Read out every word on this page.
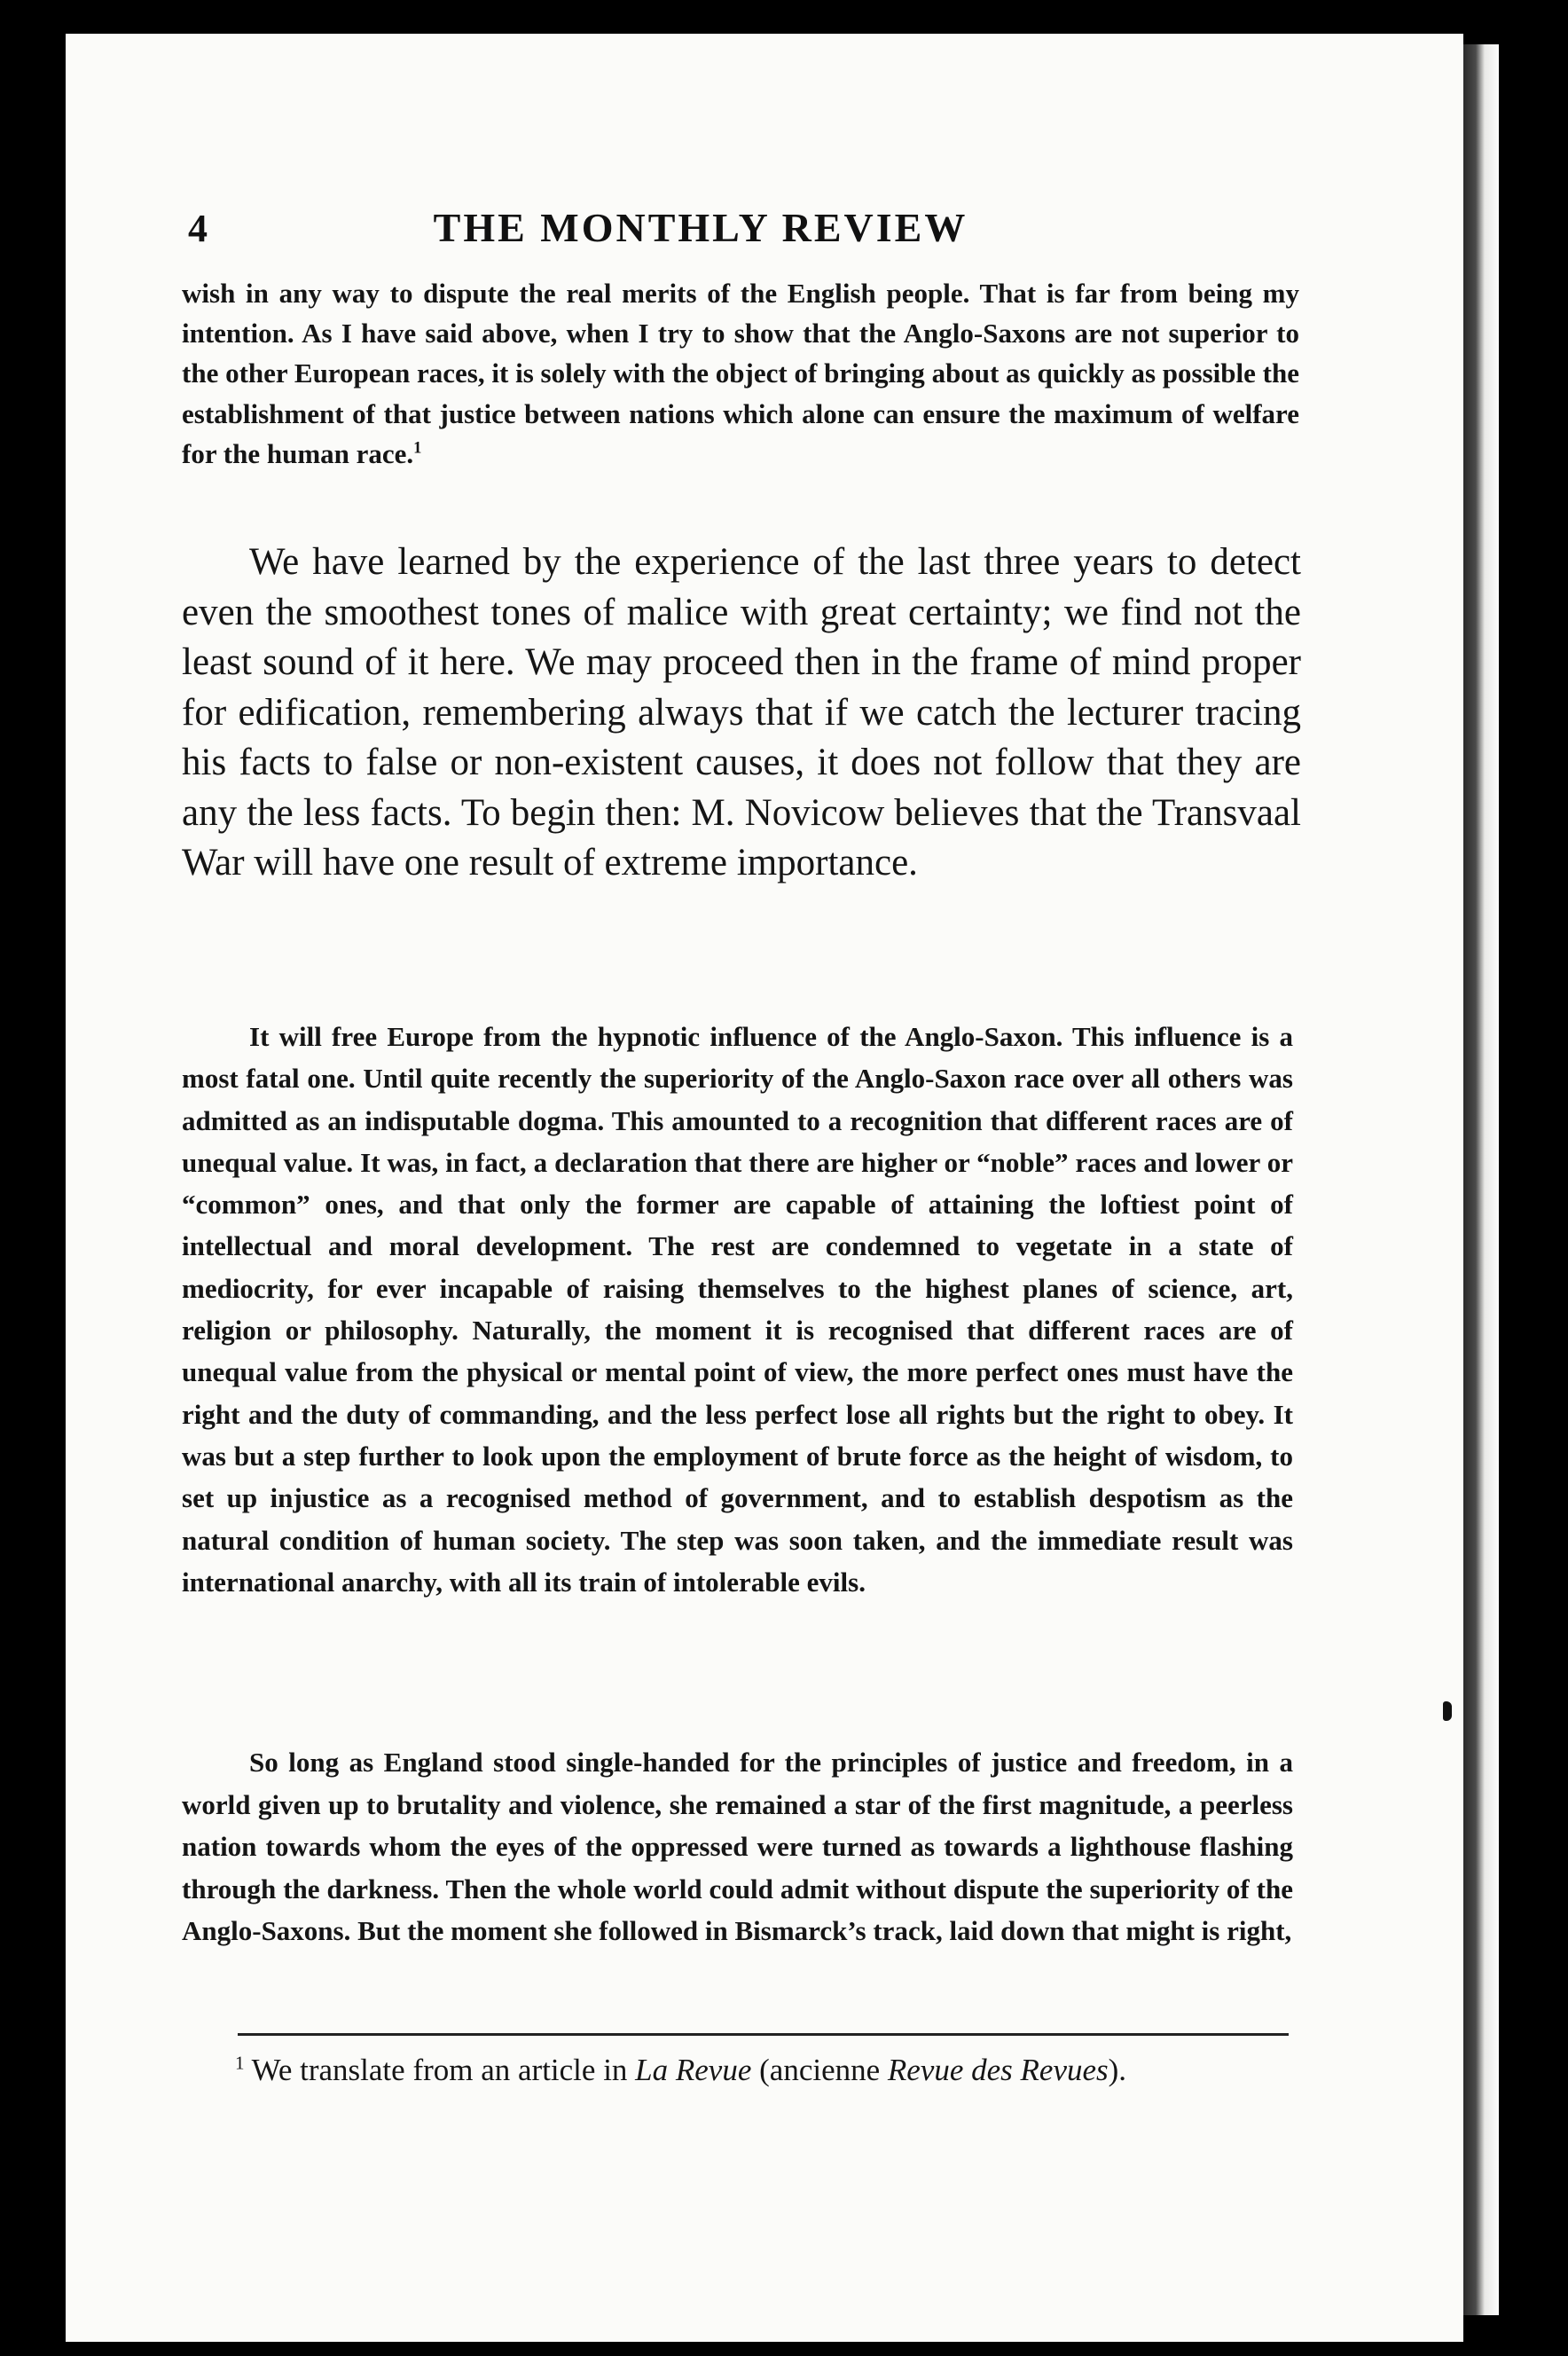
4	THE MONTHLY REVIEW

wish in any way to dispute the real merits of the English people. That is far from being my intention. As I have said above, when I try to show that the Anglo-Saxons are not superior to the other European races, it is solely with the object of bringing about as quickly as possible the establishment of that justice between nations which alone can ensure the maximum of welfare for the human race.$^1$

We have learned by the experience of the last three years to detect even the smoothest tones of malice with great certainty; we find not the least sound of it here. We may proceed then in the frame of mind proper for edification, remembering always that if we catch the lecturer tracing his facts to false or non-existent causes, it does not follow that they are any the less facts. To begin then: M. Novicow believes that the Transvaal War will have one result of extreme importance.

It will free Europe from the hypnotic influence of the Anglo-Saxon. This influence is a most fatal one. Until quite recently the superiority of the Anglo-Saxon race over all others was admitted as an indisputable dogma. This amounted to a recognition that different races are of unequal value. It was, in fact, a declaration that there are higher or “noble” races and lower or “common” ones, and that only the former are capable of attaining the loftiest point of intellectual and moral development. The rest are condemned to vegetate in a state of mediocrity, for ever incapable of raising themselves to the highest planes of science, art, religion or philosophy. Naturally, the moment it is recognised that different races are of unequal value from the physical or mental point of view, the more perfect ones must have the right and the duty of commanding, and the less perfect lose all rights but the right to obey. It was but a step further to look upon the employment of brute force as the height of wisdom, to set up injustice as a recognised method of government, and to establish despotism as the natural condition of human society. The step was soon taken, and the immediate result was international anarchy, with all its train of intolerable evils.

So long as England stood single-handed for the principles of justice and freedom, in a world given up to brutality and violence, she remained a star of the first magnitude, a peerless nation towards whom the eyes of the oppressed were turned as towards a lighthouse flashing through the darkness. Then the whole world could admit without dispute the superiority of the Anglo-Saxons. But the moment she followed in Bismarck’s track, laid down that might is right,

$^1$ We translate from an article in La Revue (ancienne Revue des Revues).
